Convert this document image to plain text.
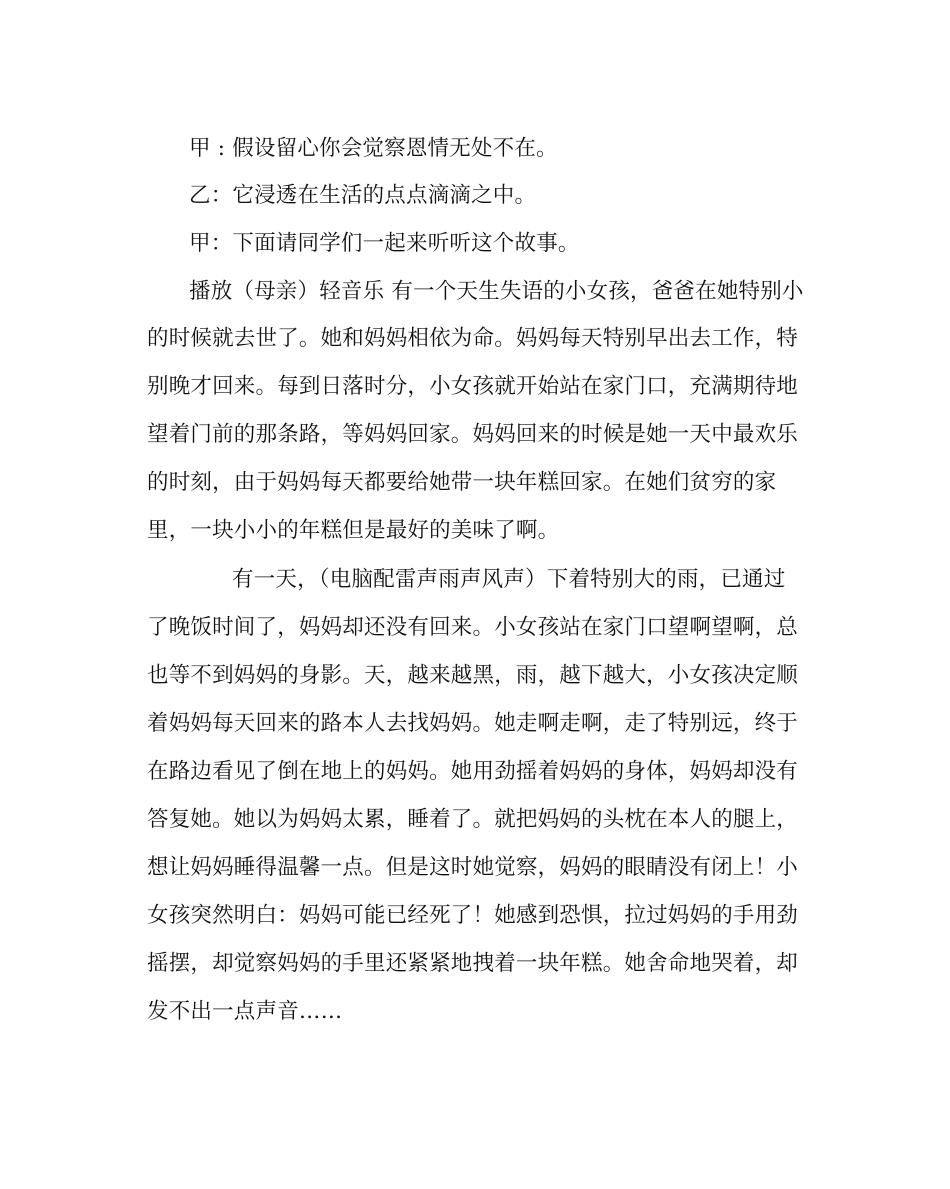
甲 : 假设留心你会觉察恩情无处不在。
乙：它浸透在生活的点点滴滴之中。
甲：下面请同学们一起来听听这个故事。
播放（母亲）轻音乐 有一个天生失语的小女孩，爸爸在她特别小
的时候就去世了。她和妈妈相依为命。妈妈每天特别早出去工作，特
别晚才回来。每到日落时分，小女孩就开始站在家门口，充满期待地
望着门前的那条路，等妈妈回家。妈妈回来的时候是她一天中最欢乐
的时刻，由于妈妈每天都要给她带一块年糕回家。在她们贫穷的家
里，一块小小的年糕但是最好的美味了啊。
有一天，（电脑配雷声雨声风声）下着特别大的雨，已通过
了晚饭时间了，妈妈却还没有回来。小女孩站在家门口望啊望啊，总
也等不到妈妈的身影。天，越来越黑，雨，越下越大，小女孩决定顺
着妈妈每天回来的路本人去找妈妈。她走啊走啊，走了特别远，终于
在路边看见了倒在地上的妈妈。她用劲摇着妈妈的身体，妈妈却没有
答复她。她以为妈妈太累，睡着了。就把妈妈的头枕在本人的腿上，
想让妈妈睡得温馨一点。但是这时她觉察，妈妈的眼睛没有闭上！小
女孩突然明白：妈妈可能已经死了！她感到恐惧，拉过妈妈的手用劲
摇摆，却觉察妈妈的手里还紧紧地拽着一块年糕。她舍命地哭着，却
发不出一点声音……
